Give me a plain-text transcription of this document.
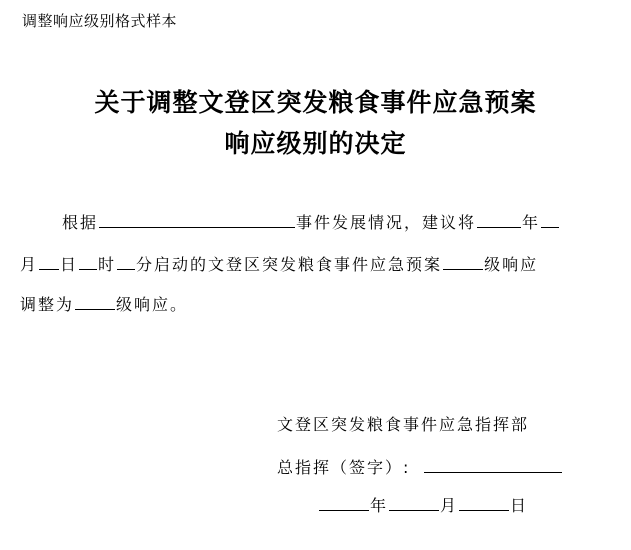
调整响应级别格式样本
关于调整文登区突发粮食事件应急预案
响应级别的决定
根据	事件发展情况，建议将	年
月 日 时 分启动的文登区突发粮食事件应急预案	级响应
调整为	级响应。
文登区突发粮食事件应急指挥部
总指挥（签字）:
年	月	日
